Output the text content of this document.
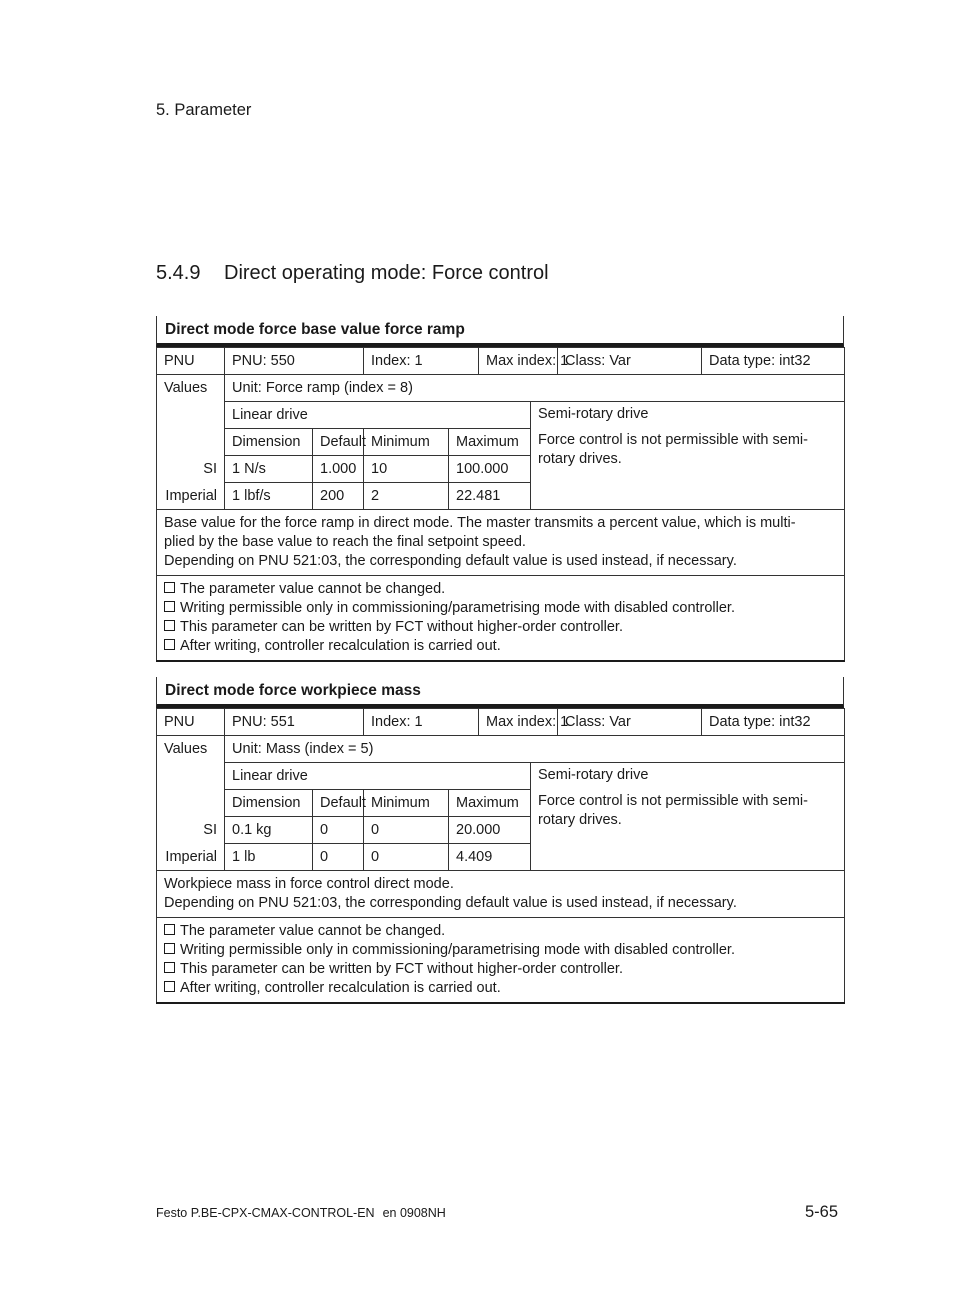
5. Parameter
5.4.9 Direct operating mode: Force control
Direct mode force base value force ramp
PNU	PNU: 550		Index: 1		Max index: 1		Class: Var	Data type: int32
Values	Unit: Force ramp (index = 8)							
	Linear drive					Semi-rotary drive
Force control is not permissible with semi-rotary drives.		

	Dimension	Default	Minimum	Maximum				
SI	1 N/s	1.000	10	100.000				
Imperial	1 lbf/s	200	2	22.481				

Base value for the force ramp in direct mode. The master transmits a percent value, which is multi-
plied by the base value to reach the final setpoint speed.
Depending on PNU 521:03, the corresponding default value is used instead, if necessary.								

The parameter value cannot be changed.
Writing permissible only in commissioning/parametrising mode with disabled controller.
This parameter can be written by FCT without higher-order controller.
After writing, controller recalculation is carried out.								
Direct mode force workpiece mass
PNU	PNU: 551		Index: 1		Max index: 1		Class: Var	Data type: int32
Values	Unit: Mass (index = 5)							
	Linear drive					Semi-rotary drive
Force control is not permissible with semi-rotary drives.		

	Dimension	Default	Minimum	Maximum				
SI	0.1 kg	0	0	20.000				
Imperial	1 lb	0	0	4.409				

Workpiece mass in force control direct mode.
Depending on PNU 521:03, the corresponding default value is used instead, if necessary.								

The parameter value cannot be changed.
Writing permissible only in commissioning/parametrising mode with disabled controller.
This parameter can be written by FCT without higher-order controller.
After writing, controller recalculation is carried out.								
Festo P.BE-CPX-CMAX-CONTROL-EN en 0908NH	5-65
